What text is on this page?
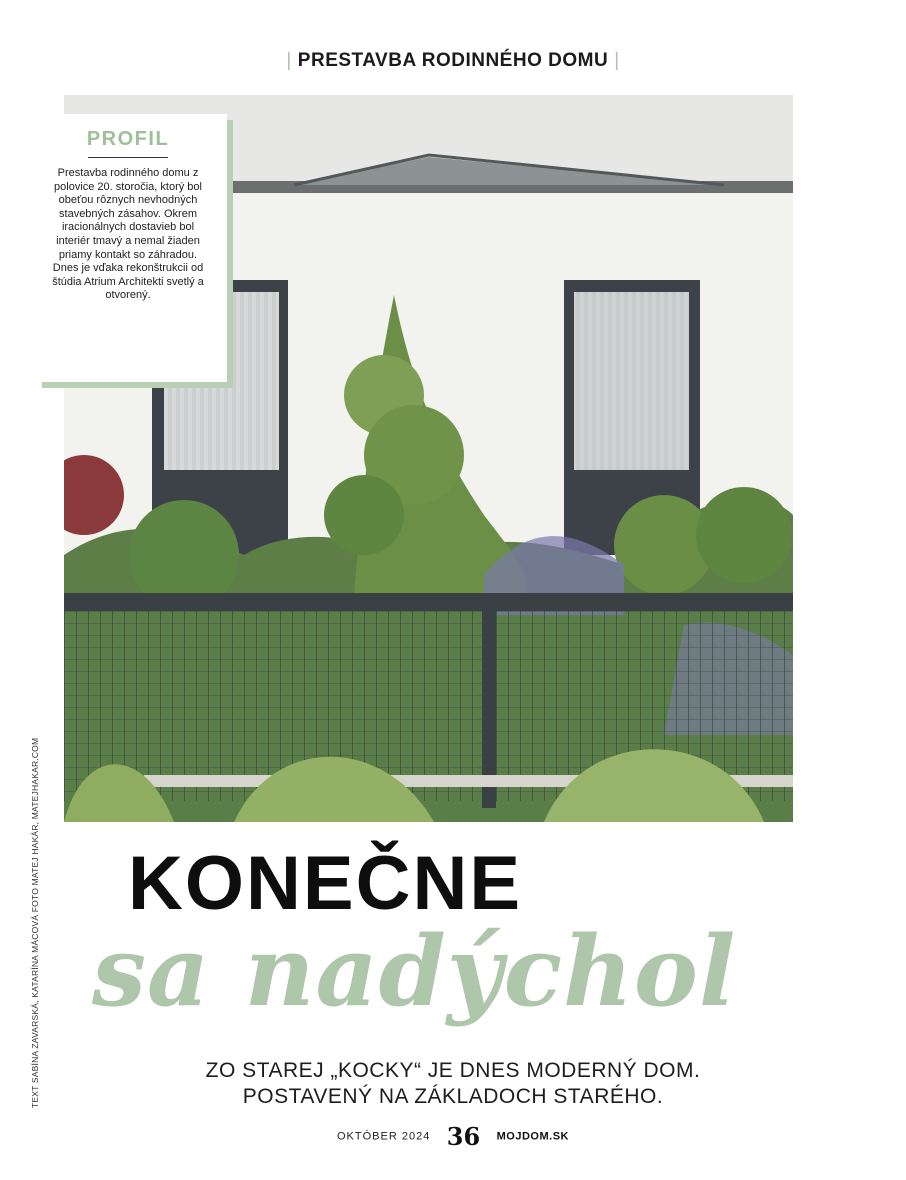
| PRESTAVBA RODINNÉHO DOMU |
PROFIL
Prestavba rodinného domu z polovice 20. storočia, ktorý bol obeťou rôznych nevhodných stavebných zásahov. Okrem iracionálnych dostavieb bol interiér tmavý a nemal žiaden priamy kontakt so záhradou. Dnes je vďaka rekonštrukcii od štúdia Atrium Architekti svetlý a otvorený.
TEXT SABÍNA ZAVARSKÁ, KATARÍNA MÁCOVÁ FOTO MATEJ HAKÁR, MATEJHAKAR.COM KONEČNE
sa nadýchol
ZO STAREJ „KOCKY“ JE DNES MODERNÝ DOM.
POSTAVENÝ NA ZÁKLADOCH STARÉHO.
OKTÓBER 2024 36 MOJDOM.SK
